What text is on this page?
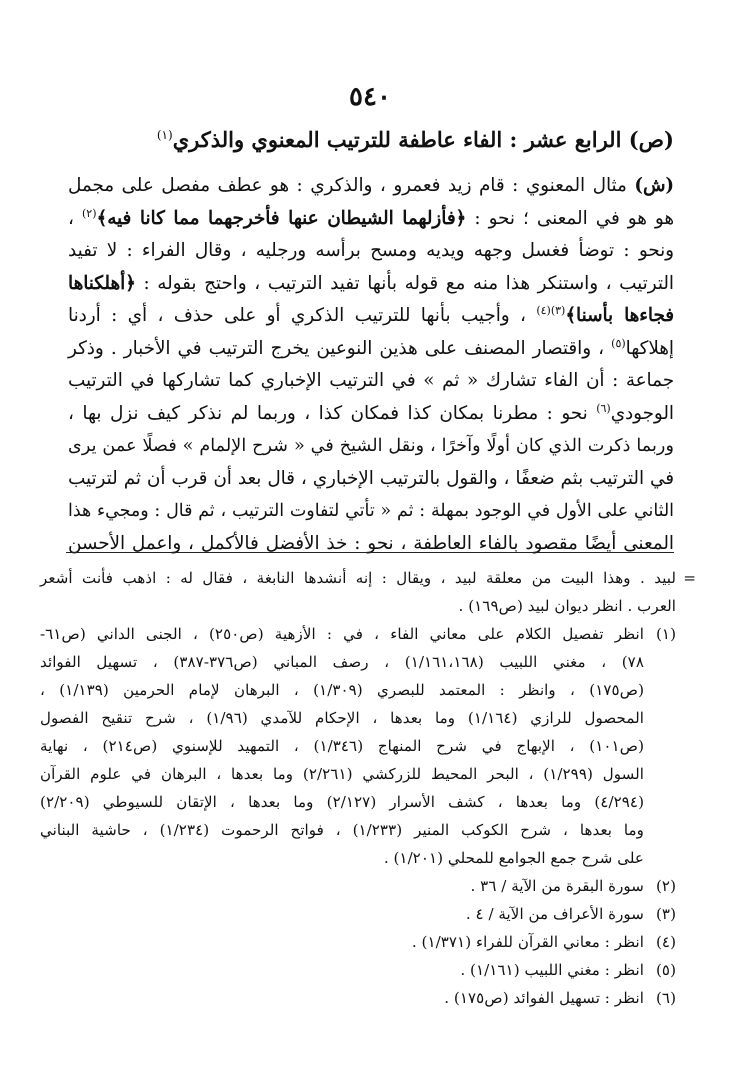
٥٤٠
(ص) الرابع عشر : الفاء عاطفة للترتيب المعنوي والذكري$^{(١)}$
(ش) مثال المعنوي : قام زيد فعمرو ، والذكري : هو عطف مفصل على مجمل
هو هو في المعنى ؛ نحو : ﴿فأزلهما الشيطان عنها فأخرجهما مما كانا فيه﴾$^{(٢)}$ ،
ونحو : توضأ فغسل وجهه ويديه ومسح برأسه ورجليه ، وقال الفراء : لا تفيد
الترتيب ، واستنكر هذا منه مع قوله بأنها تفيد الترتيب ، واحتج بقوله : ﴿أهلكناها
فجاءها بأسنا﴾$^{(٣)(٤)}$ ، وأجيب بأنها للترتيب الذكري أو على حذف ، أي : أردنا
إهلاكها$^{(٥)}$ ، واقتصار المصنف على هذين النوعين يخرج الترتيب في الأخبار . وذكر
جماعة : أن الفاء تشارك « ثم » في الترتيب الإخباري كما تشاركها في الترتيب
الوجودي$^{(٦)}$ نحو : مطرنا بمكان كذا فمكان كذا ، وربما لم نذكر كيف نزل بها ،
وربما ذكرت الذي كان أولًا وآخرًا ، ونقل الشيخ في « شرح الإلمام » فصلًا عمن يرى
في الترتيب بثم ضعفًا ، والقول بالترتيب الإخباري ، قال بعد أن قرب أن ثم لترتيب
الثاني على الأول في الوجود بمهلة : ثم « تأتي لتفاوت الترتيب ، ثم قال : ومجيء هذا
المعنى أيضًا مقصود بالفاء العاطفة ، نحو : خذ الأفضل فالأكمل ، واعمل الأحسن
=
لبيد . وهذا البيت من معلقة لبيد ، ويقال : إنه أنشدها النابغة ، فقال له : اذهب فأنت أشعر
العرب . انظر ديوان لبيد (ص١٦٩) .
(١)
انظر تفصيل الكلام على معاني الفاء ، في : الأزهية (ص٢٥٠) ، الجنى الداني (ص٦١-
٧٨) ، مغني اللبيب (١/١٦١،١٦٨) ، رصف المباني (ص٣٧٦-٣٨٧) ، تسهيل الفوائد
(ص١٧٥) ، وانظر : المعتمد للبصري (١/٣٠٩) ، البرهان لإمام الحرمين (١/١٣٩) ،
المحصول للرازي (١/١٦٤) وما بعدها ، الإحكام للآمدي (١/٩٦) ، شرح تنقيح الفصول
(ص١٠١) ، الإبهاج في شرح المنهاج (١/٣٤٦) ، التمهيد للإسنوي (ص٢١٤) ، نهاية
السول (١/٢٩٩) ، البحر المحيط للزركشي (٢/٢٦١) وما بعدها ، البرهان في علوم القرآن
(٤/٢٩٤) وما بعدها ، كشف الأسرار (٢/١٢٧) وما بعدها ، الإتقان للسيوطي (٢/٢٠٩)
وما بعدها ، شرح الكوكب المنير (١/٢٣٣) ، فواتح الرحموت (١/٢٣٤) ، حاشية البناني
على شرح جمع الجوامع للمحلي (١/٢٠١) .
(٢)
سورة البقرة من الآية / ٣٦ .
(٣)
سورة الأعراف من الآية / ٤ .
(٤)
انظر : معاني القرآن للفراء (١/٣٧١) .
(٥)
انظر : مغني اللبيب (١/١٦١) .
(٦)
انظر : تسهيل الفوائد (ص١٧٥) .
